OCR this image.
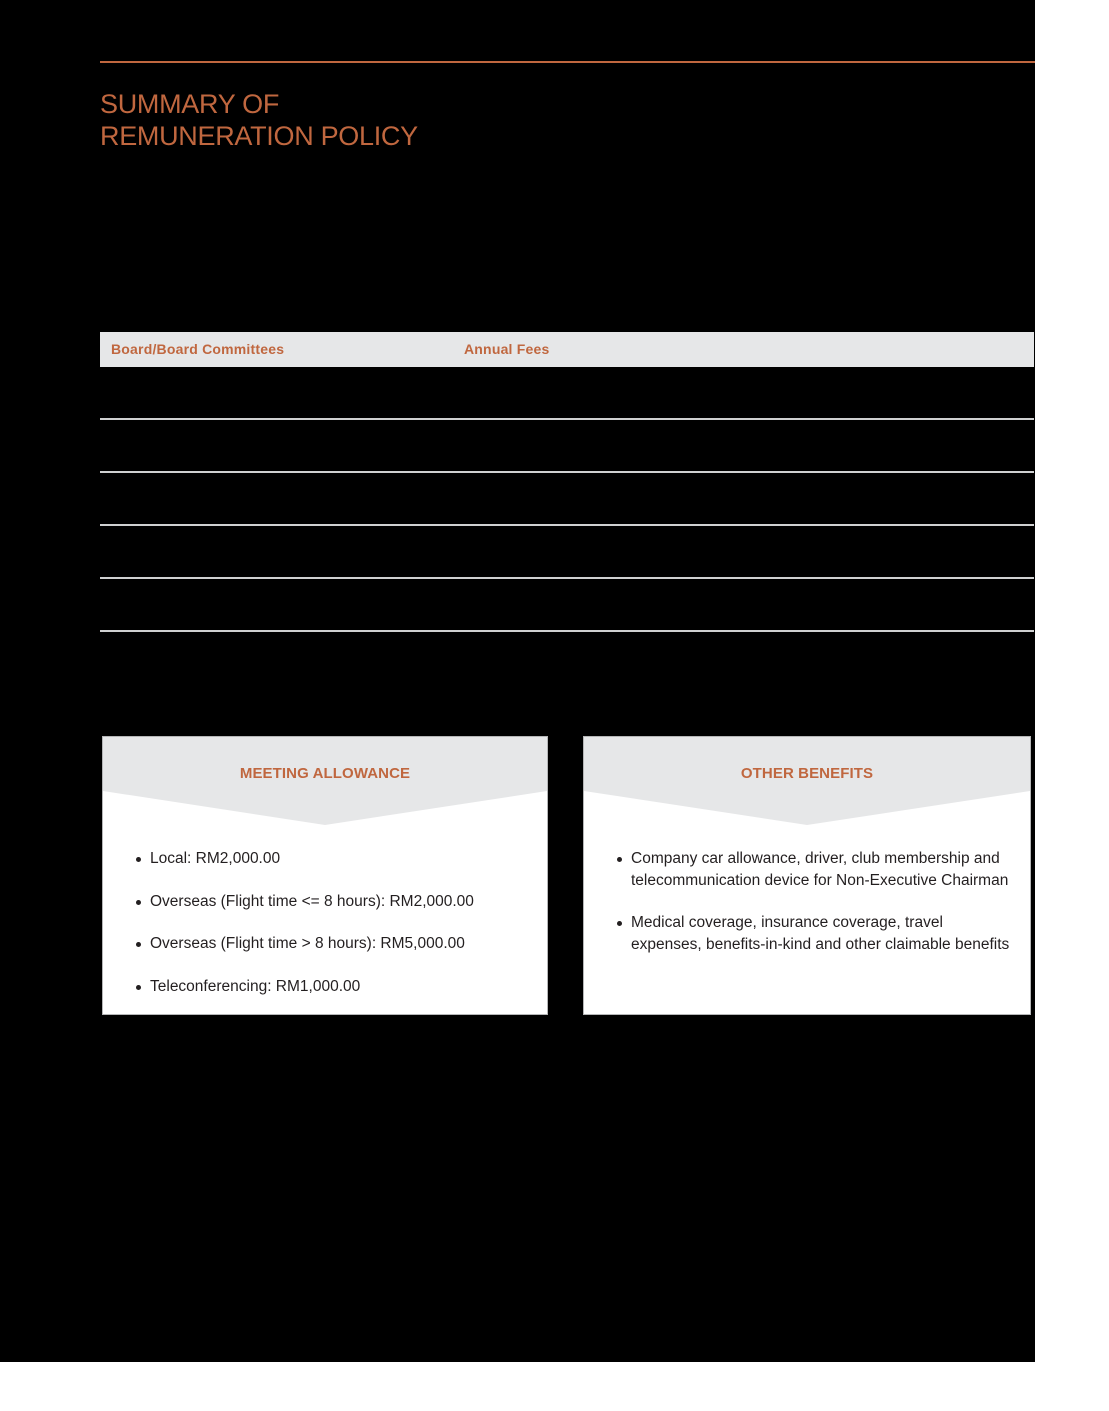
SUMMARY OF
REMUNERATION POLICY
Board/Board Committees	Annual Fees
MEETING ALLOWANCE
Local: RM2,000.00
Overseas (Flight time <= 8 hours): RM2,000.00
Overseas (Flight time > 8 hours): RM5,000.00
Teleconferencing: RM1,000.00
OTHER BENEFITS
Company car allowance, driver, club membership and telecommunication device for Non-Executive Chairman
Medical coverage, insurance coverage, travel expenses, benefits-in-kind and other claimable benefits
